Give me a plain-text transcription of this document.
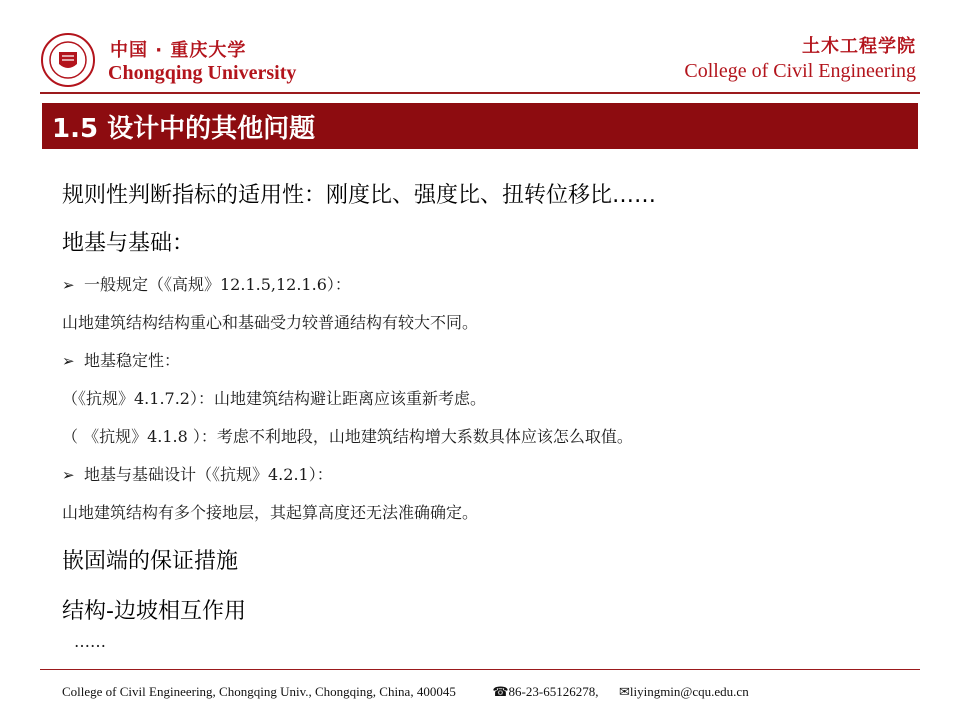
中国 · 重庆大学
Chongqing University
土木工程学院
College of Civil Engineering
1.5 设计中的其他问题
规则性判断指标的适用性：刚度比、强度比、扭转位移比……
地基与基础：
➢ 一般规定（《高规》12.1.5,12.1.6）：
山地建筑结构结构重心和基础受力较普通结构有较大不同。
➢ 地基稳定性：
（《抗规》4.1.7.2）：山地建筑结构避让距离应该重新考虑。
（ 《抗规》4.1.8 ）：考虑不利地段，山地建筑结构增大系数具体应该怎么取值。
➢ 地基与基础设计（《抗规》4.2.1）：
山地建筑结构有多个接地层，其起算高度还无法准确确定。
嵌固端的保证措施
结构-边坡相互作用
……
College of Civil Engineering, Chongqing Univ., Chongqing, China, 400045	☎86-23-65126278, ✉liyingmin@cqu.edu.cn
